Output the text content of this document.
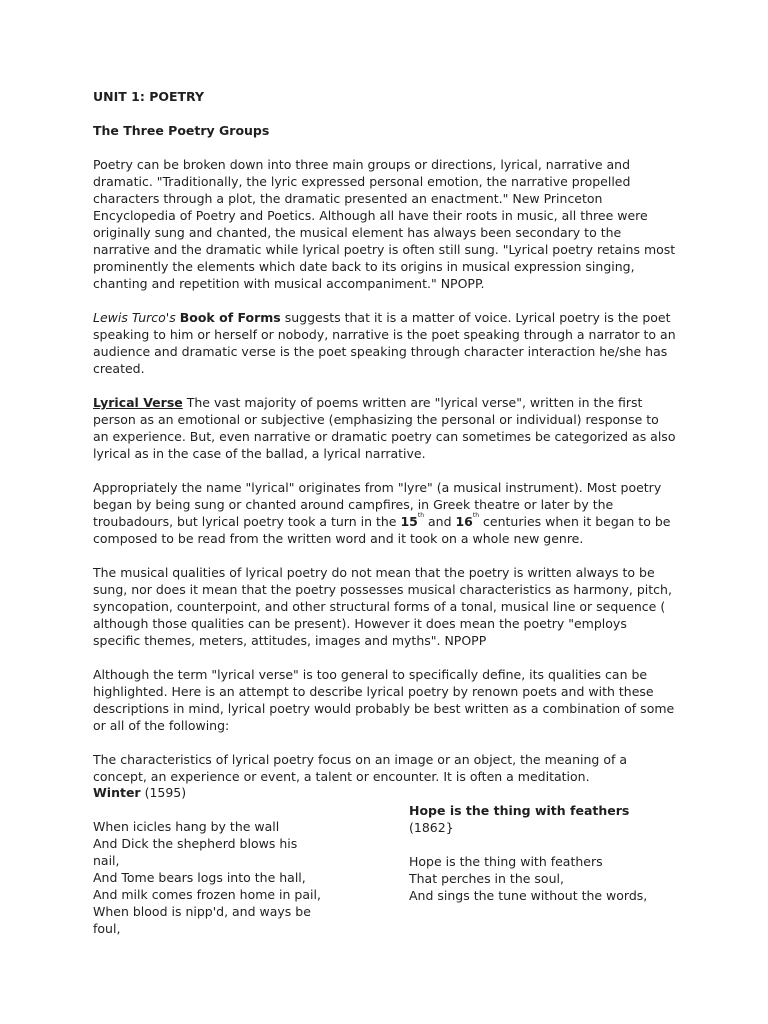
UNIT 1: POETRY
The Three Poetry Groups

Poetry can be broken down into three main groups or directions, lyrical, narrative and dramatic. "Traditionally, the lyric expressed personal emotion, the narrative propelled characters through a plot, the dramatic presented an enactment." New Princeton Encyclopedia of Poetry and Poetics. Although all have their roots in music, all three were originally sung and chanted, the musical element has always been secondary to the narrative and the dramatic while lyrical poetry is often still sung. "Lyrical poetry retains most prominently the elements which date back to its origins in musical expression singing, chanting and repetition with musical accompaniment." NPOPP.

Lewis Turco's Book of Forms suggests that it is a matter of voice. Lyrical poetry is the poet speaking to him or herself or nobody, narrative is the poet speaking through a narrator to an audience and dramatic verse is the poet speaking through character interaction he/she has created.

Lyrical Verse The vast majority of poems written are "lyrical verse", written in the first person as an emotional or subjective (emphasizing the personal or individual) response to an experience. But, even narrative or dramatic poetry can sometimes be categorized as also lyrical as in the case of the ballad, a lyrical narrative.

Appropriately the name "lyrical" originates from "lyre" (a musical instrument). Most poetry began by being sung or chanted around campfires, in Greek theatre or later by the troubadours, but lyrical poetry took a turn in the 15th and 16th centuries when it began to be composed to be read from the written word and it took on a whole new genre.

The musical qualities of lyrical poetry do not mean that the poetry is written always to be sung, nor does it mean that the poetry possesses musical characteristics as harmony, pitch, syncopation, counterpoint, and other structural forms of a tonal, musical line or sequence ( although those qualities can be present). However it does mean the poetry "employs specific themes, meters, attitudes, images and myths". NPOPP

Although the term "lyrical verse" is too general to specifically define, its qualities can be highlighted. Here is an attempt to describe lyrical poetry by renown poets and with these descriptions in mind, lyrical poetry would probably be best written as a combination of some or all of the following:

The characteristics of lyrical poetry focus on an image or an object, the meaning of a concept, an experience or event, a talent or encounter. It is often a meditation.

Winter (1595)
When icicles hang by the wall
And Dick the shepherd blows his nail,
And Tome bears logs into the hall,
And milk comes frozen home in pail,
When blood is nipp'd, and ways be
foul,
Hope is the thing with feathers (1862}
Hope is the thing with feathers
That perches in the soul,
And sings the tune without the words,
